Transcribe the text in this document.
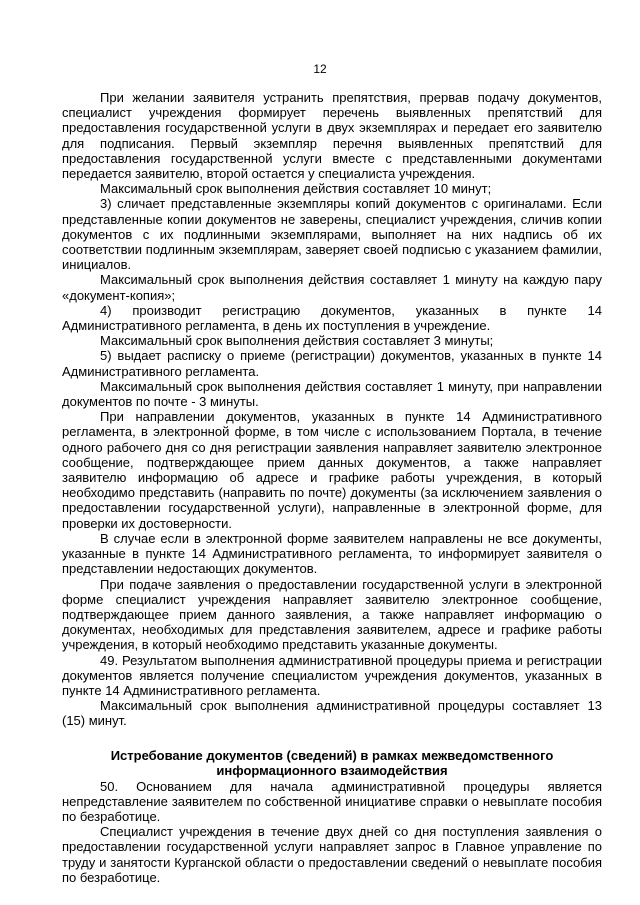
12

При желании заявителя устранить препятствия, прервав подачу документов, специалист учреждения формирует перечень выявленных препятствий для предоставления государственной услуги в двух экземплярах и передает его заявителю для подписания. Первый экземпляр перечня выявленных препятствий для предоставления государственной услуги вместе с представленными документами передается заявителю, второй остается у специалиста учреждения.

Максимальный срок выполнения действия составляет 10 минут;

3) сличает представленные экземпляры копий документов с оригиналами. Если представленные копии документов не заверены, специалист учреждения, сличив копии документов с их подлинными экземплярами, выполняет на них надпись об их соответствии подлинным экземплярам, заверяет своей подписью с указанием фамилии, инициалов.

Максимальный срок выполнения действия составляет 1 минуту на каждую пару «документ-копия»;

4) производит регистрацию документов, указанных в пункте 14 Административного регламента, в день их поступления в учреждение.

Максимальный срок выполнения действия составляет 3 минуты;

5) выдает расписку о приеме (регистрации) документов, указанных в пункте 14 Административного регламента.

Максимальный срок выполнения действия составляет 1 минуту, при направлении документов по почте - 3 минуты.

При направлении документов, указанных в пункте 14 Административного регламента, в электронной форме, в том числе с использованием Портала, в течение одного рабочего дня со дня регистрации заявления направляет заявителю электронное сообщение, подтверждающее прием данных документов, а также направляет заявителю информацию об адресе и графике работы учреждения, в который необходимо представить (направить по почте) документы (за исключением заявления о предоставлении государственной услуги), направленные в электронной форме, для проверки их достоверности.

В случае если в электронной форме заявителем направлены не все документы, указанные в пункте 14 Административного регламента, то информирует заявителя о представлении недостающих документов.

При подаче заявления о предоставлении государственной услуги в электронной форме специалист учреждения направляет заявителю электронное сообщение, подтверждающее прием данного заявления, а также направляет информацию о документах, необходимых для представления заявителем, адресе и графике работы учреждения, в который необходимо представить указанные документы.

49. Результатом выполнения административной процедуры приема и регистрации документов является получение специалистом учреждения документов, указанных в пункте 14 Административного регламента.

Максимальный срок выполнения административной процедуры составляет 13 (15) минут.

Истребование документов (сведений) в рамках межведомственного
информационного взаимодействия

50. Основанием для начала административной процедуры является непредставление заявителем по собственной инициативе справки о невыплате пособия по безработице.

Специалист учреждения в течение двух дней со дня поступления заявления о предоставлении государственной услуги направляет запрос в Главное управление по труду и занятости Курганской области о предоставлении сведений о невыплате пособия по безработице.
